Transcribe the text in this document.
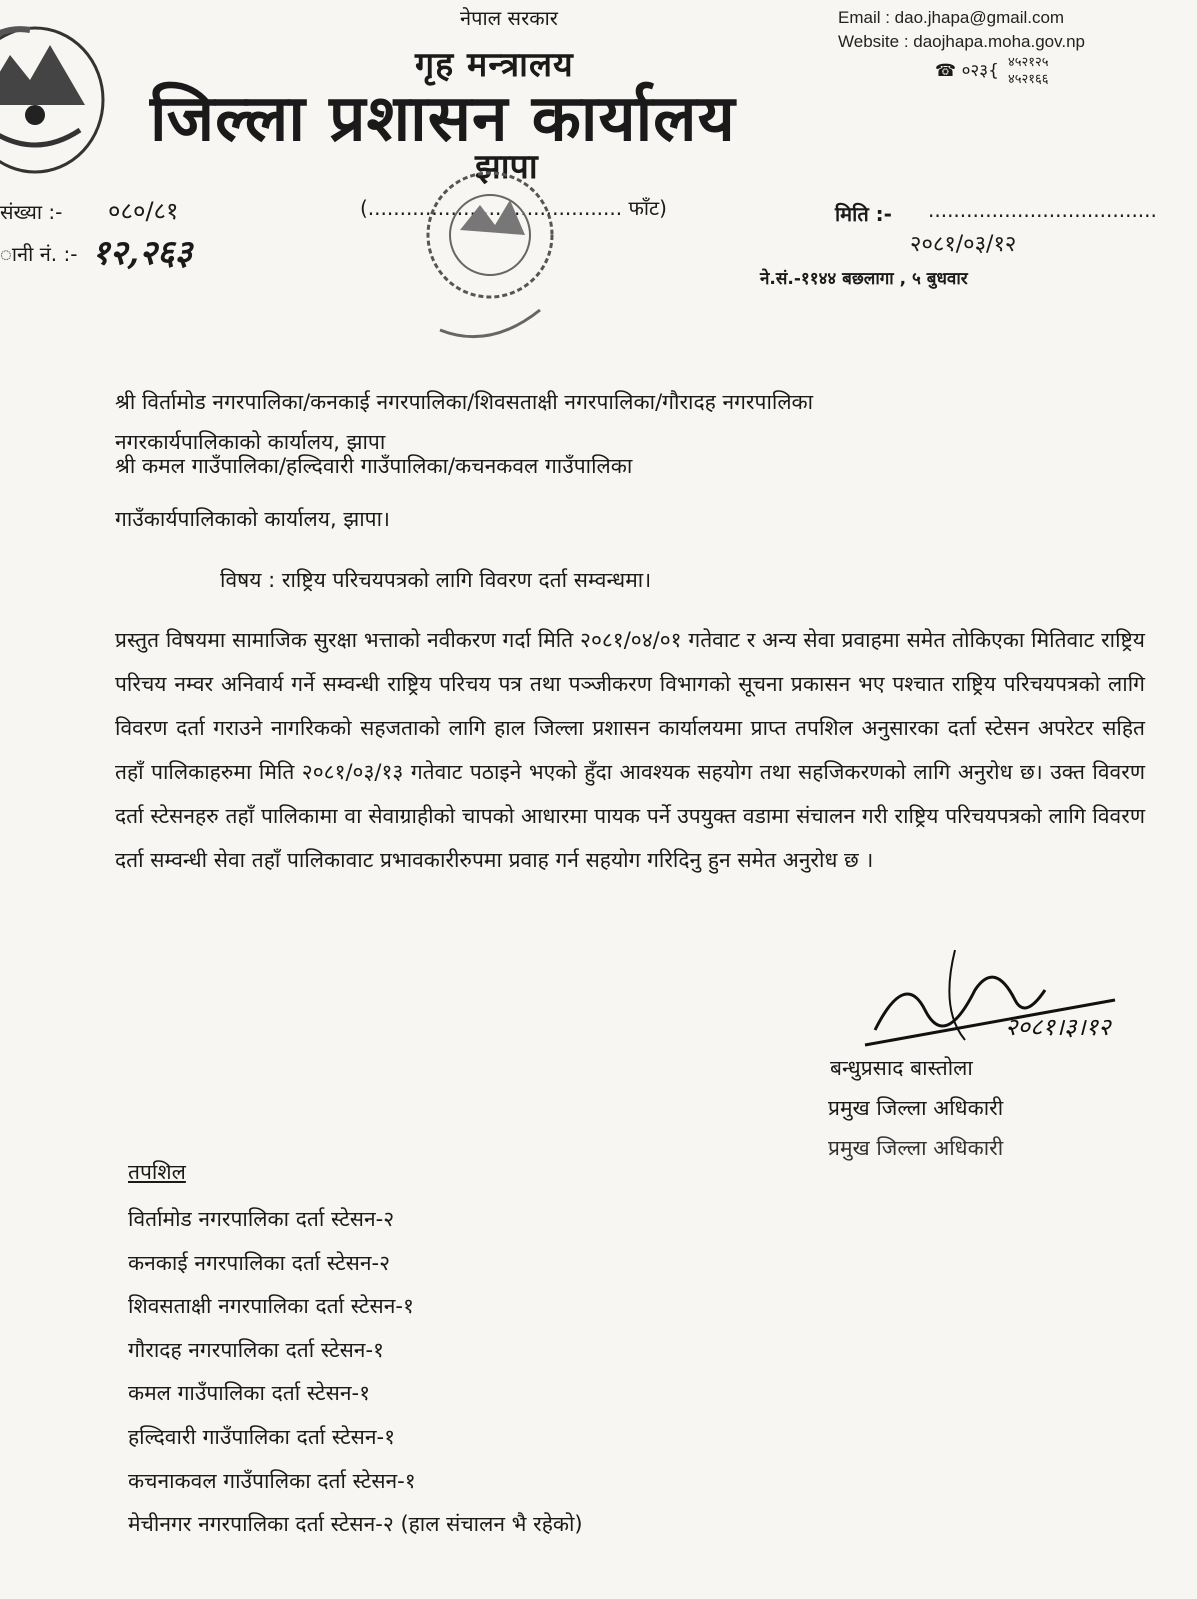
नेपाल सरकार
गृह मन्त्रालय
जिल्ला प्रशासन कार्यालय
झापा
Email : dao.jhapa@gmail.com
Website : daojhapa.moha.gov.np
☎ ०२३{ ४५२१२५
४५२१६६
संख्या :- ०८०/८१
ानी नं. :- १२,२६३
(........................................ फाँट)	मिति :- ....................................
२०८१/०३/१२
ने.सं.-११४४ बछलागा , ५ बुधवार
श्री विर्तामोड नगरपालिका/कनकाई नगरपालिका/शिवसताक्षी नगरपालिका/गौरादह नगरपालिका
नगरकार्यपालिकाको कार्यालय, झापा
श्री कमल गाउँपालिका/हल्दिवारी गाउँपालिका/कचनकवल गाउँपालिका
गाउँकार्यपालिकाको कार्यालय, झापा।
विषय : राष्ट्रिय परिचयपत्रको लागि विवरण दर्ता सम्वन्धमा।
प्रस्तुत विषयमा सामाजिक सुरक्षा भत्ताको नवीकरण गर्दा मिति २०८१/०४/०१ गतेवाट र अन्य सेवा प्रवाहमा समेत तोकिएका मितिवाट राष्ट्रिय परिचय नम्वर अनिवार्य गर्ने सम्वन्धी राष्ट्रिय परिचय पत्र तथा पञ्जीकरण विभागको सूचना प्रकासन भए पश्चात राष्ट्रिय परिचयपत्रको लागि विवरण दर्ता गराउने नागरिकको सहजताको लागि हाल जिल्ला प्रशासन कार्यालयमा प्राप्त तपशिल अनुसारका दर्ता स्टेसन अपरेटर सहित तहाँ पालिकाहरुमा मिति २०८१/०३/१३ गतेवाट पठाइने भएको हुँदा आवश्यक सहयोग तथा सहजिकरणको लागि अनुरोध छ। उक्त विवरण दर्ता स्टेसनहरु तहाँ पालिकामा वा सेवाग्राहीको चापको आधारमा पायक पर्ने उपयुक्त वडामा संचालन गरी राष्ट्रिय परिचयपत्रको लागि विवरण दर्ता सम्वन्धी सेवा तहाँ पालिकावाट प्रभावकारीरुपमा प्रवाह गर्न सहयोग गरिदिनु हुन समेत अनुरोध छ ।
२०८१।३।१२
बन्धुप्रसाद बास्तोला
प्रमुख जिल्ला अधिकारी
प्रमुख जिल्ला अधिकारी
तपशिल
विर्तामोड नगरपालिका दर्ता स्टेसन-२
कनकाई नगरपालिका दर्ता स्टेसन-२
शिवसताक्षी नगरपालिका दर्ता स्टेसन-१
गौरादह नगरपालिका दर्ता स्टेसन-१
कमल गाउँपालिका दर्ता स्टेसन-१
हल्दिवारी गाउँपालिका दर्ता स्टेसन-१
कचनाकवल गाउँपालिका दर्ता स्टेसन-१
मेचीनगर नगरपालिका दर्ता स्टेसन-२ (हाल संचालन भै रहेको)
